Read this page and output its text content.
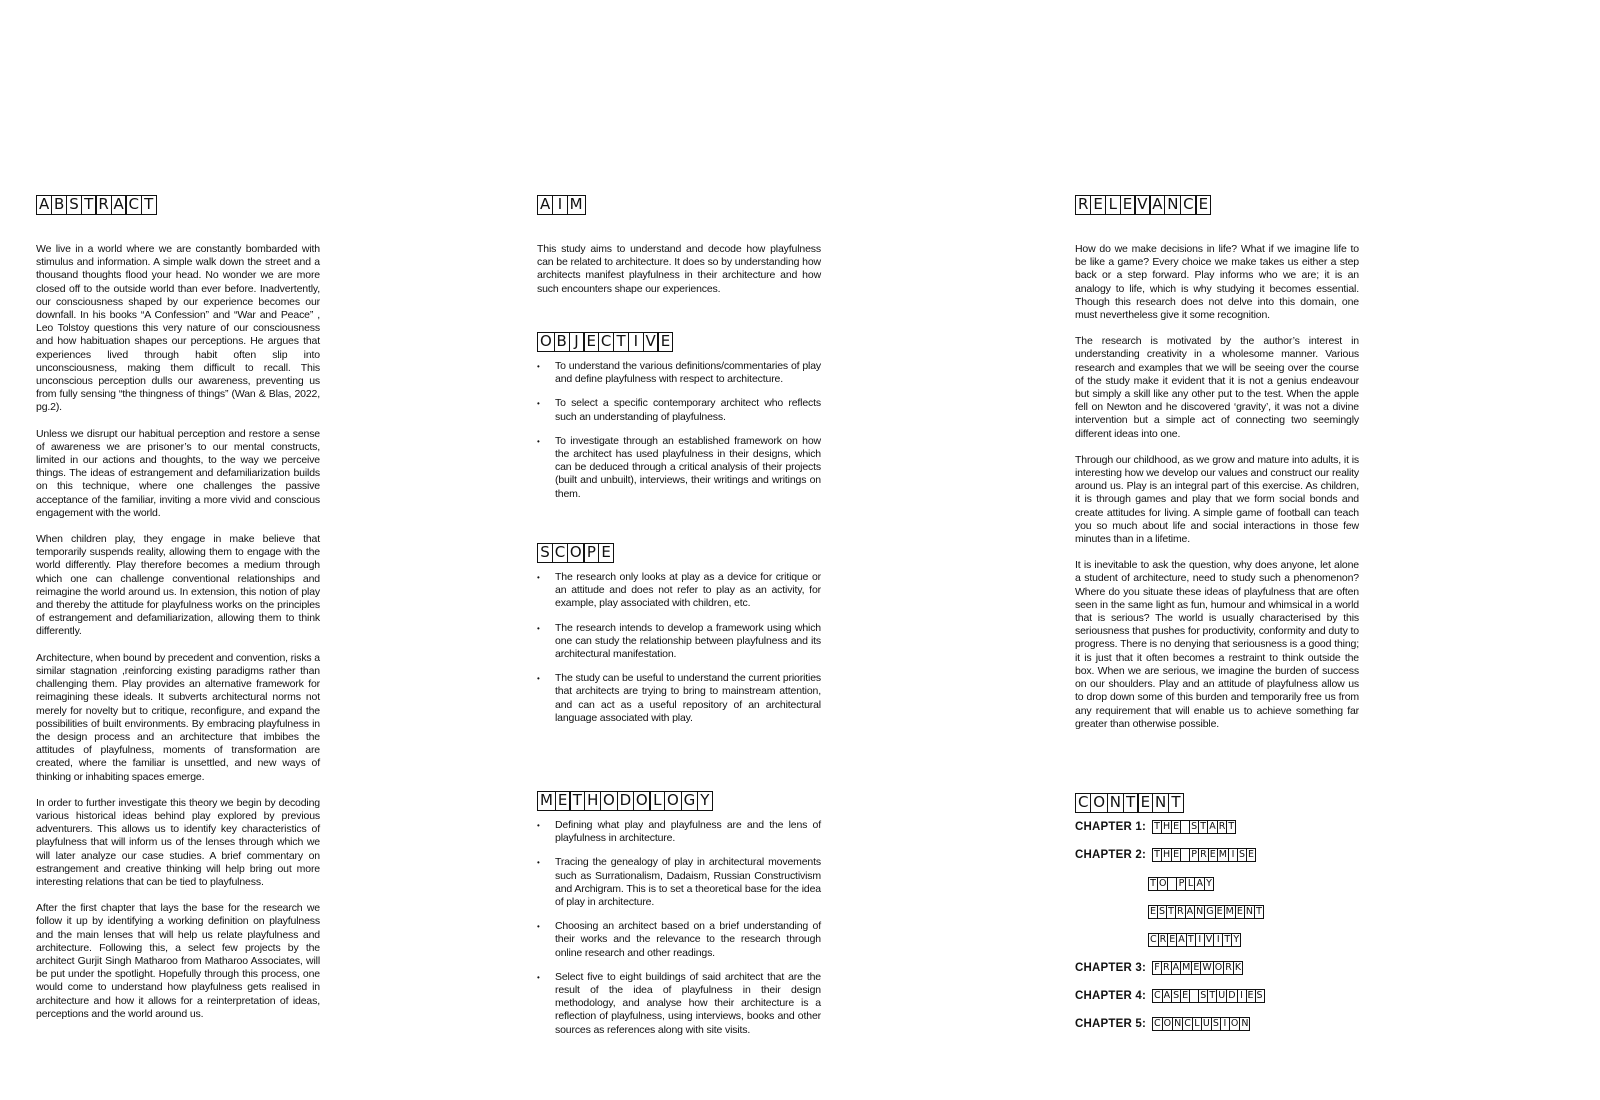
A B S T R A C T

We live in a world where we are constantly bombarded with stimulus and information. A simple walk down the street and a thousand thoughts flood your head. No wonder we are more closed off to the outside world than ever before. Inadvertently, our consciousness shaped by our experience becomes our downfall. In his books “A Confession” and “War and Peace” , Leo Tolstoy questions this very nature of our consciousness and how habituation shapes our perceptions. He argues that experiences lived through habit often slip into unconsciousness, making them difficult to recall. This unconscious perception dulls our awareness, preventing us from fully sensing “the thingness of things” (Wan & Blas, 2022, pg.2).

Unless we disrupt our habitual perception and restore a sense of awareness we are prisoner’s to our mental constructs, limited in our actions and thoughts, to the way we perceive things. The ideas of estrangement and defamiliarization builds on this technique, where one challenges the passive acceptance of the familiar, inviting a more vivid and conscious engagement with the world.

When children play, they engage in make believe that temporarily suspends reality, allowing them to engage with the world differently. Play therefore becomes a medium through which one can challenge conventional relationships and reimagine the world around us. In extension, this notion of play and thereby the attitude for playfulness works on the principles of estrangement and defamiliarization, allowing them to think differently.

Architecture, when bound by precedent and convention, risks a similar stagnation ,reinforcing existing paradigms rather than challenging them. Play provides an alternative framework for reimagining these ideals. It subverts architectural norms not merely for novelty but to critique, reconfigure, and expand the possibilities of built environments. By embracing playfulness in the design process and an architecture that imbibes the attitudes of playfulness, moments of transformation are created, where the familiar is unsettled, and new ways of thinking or inhabiting spaces emerge.

In order to further investigate this theory we begin by decoding various historical ideas behind play explored by previous adventurers. This allows us to identify key characteristics of playfulness that will inform us of the lenses through which we will later analyze our case studies. A brief commentary on estrangement and creative thinking will help bring out more interesting relations that can be tied to playfulness.

After the first chapter that lays the base for the research we follow it up by identifying a working definition on playfulness and the main lenses that will help us relate playfulness and architecture. Following this, a select few projects by the architect Gurjit Singh Matharoo from Matharoo Associates, will be put under the spotlight. Hopefully through this process, one would come to understand how playfulness gets realised in architecture and how it allows for a reinterpretation of ideas, perceptions and the world around us.

A I M

This study aims to understand and decode how playfulness can be related to architecture. It does so by understanding how architects manifest playfulness in their architecture and how such encounters shape our experiences.

O B J E C T I V E
• To understand the various definitions/commentaries of play and define playfulness with respect to architecture.
• To select a specific contemporary architect who reflects such an understanding of playfulness.
• To investigate through an established framework on how the architect has used playfulness in their designs, which can be deduced through a critical analysis of their projects (built and unbuilt), interviews, their writings and writings on them.
S C O P E
• The research only looks at play as a device for critique or an attitude and does not refer to play as an activity, for example, play associated with children, etc.
• The research intends to develop a framework using which one can study the relationship between playfulness and its architectural manifestation.
• The study can be useful to understand the current priorities that architects are trying to bring to mainstream attention, and can act as a useful repository of an architectural language associated with play.
M E T H O D O L O G Y
• Defining what play and playfulness are and the lens of playfulness in architecture.
• Tracing the genealogy of play in architectural movements such as Surrationalism, Dadaism, Russian Constructivism and Archigram. This is to set a theoretical base for the idea of play in architecture.
• Choosing an architect based on a brief understanding of their works and the relevance to the research through online research and other readings.
• Select five to eight buildings of said architect that are the result of the idea of playfulness in their design methodology, and analyse how their architecture is a reflection of playfulness, using interviews, books and other sources as references along with site visits.
R E L E V A N C E

How do we make decisions in life? What if we imagine life to be like a game? Every choice we make takes us either a step back or a step forward. Play informs who we are; it is an analogy to life, which is why studying it becomes essential. Though this research does not delve into this domain, one must nevertheless give it some recognition.

The research is motivated by the author’s interest in understanding creativity in a wholesome manner. Various research and examples that we will be seeing over the course of the study make it evident that it is not a genius endeavour but simply a skill like any other put to the test. When the apple fell on Newton and he discovered ‘gravity’, it was not a divine intervention but a simple act of connecting two seemingly different ideas into one.

Through our childhood, as we grow and mature into adults, it is interesting how we develop our values and construct our reality around us. Play is an integral part of this exercise. As children, it is through games and play that we form social bonds and create attitudes for living. A simple game of football can teach you so much about life and social interactions in those few minutes than in a lifetime.

It is inevitable to ask the question, why does anyone, let alone a student of architecture, need to study such a phenomenon? Where do you situate these ideas of playfulness that are often seen in the same light as fun, humour and whimsical in a world that is serious? The world is usually characterised by this seriousness that pushes for productivity, conformity and duty to progress. There is no denying that seriousness is a good thing; it is just that it often becomes a restraint to think outside the box. When we are serious, we imagine the burden of success on our shoulders. Play and an attitude of playfulness allow us to drop down some of this burden and temporarily free us from any requirement that will enable us to achieve something far greater than otherwise possible.

C O N T E N T
CHAPTER 1: T H E
S T A R T
CHAPTER 2: T H E
P R E M I S E
T O
P L A Y
E S T R A N G E M E N T
C R E A T I V I T Y
CHAPTER 3: F R A M E W O R K
CHAPTER 4: C A S E
S T U D I E S
CHAPTER 5: C O N C L U S I O N
